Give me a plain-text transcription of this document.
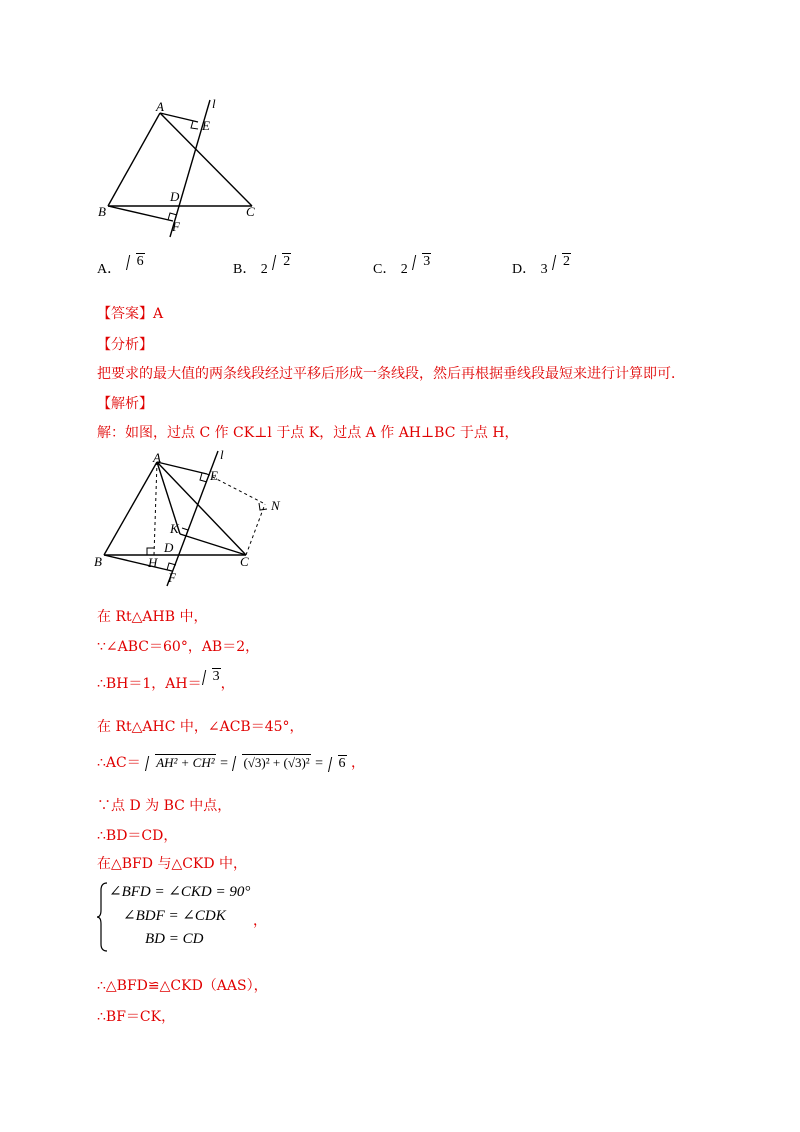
A	l
E
D
B	C
F
A． 6
B． 2 2
C． 2 3
D． 3 2
【答案】A
【分析】
把要求的最大值的两条线段经过平移后形成一条线段，然后再根据垂线段最短来进行计算即可．
【解析】
解：如图，过点 C 作 CK⊥l 于点 K，过点 A 作 AH⊥BC 于点 H，
A	l
E
N
K
D
B	H	C
F
在 Rt△AHB 中，
∵∠ABC＝60°，AB＝2，
∴BH＝1，AH＝ 3，
在 Rt△AHC 中，∠ACB＝45°，
∴AC＝ AH² + CH² = (√3)² + (√3)² = 6 ，
∵点 D 为 BC 中点，
∴BD＝CD，
在△BFD 与△CKD 中，
∠BFD = ∠CKD = 90°
∠BDF = ∠CDK
BD = CD
，
∴△BFD≌△CKD（AAS），
∴BF＝CK，
